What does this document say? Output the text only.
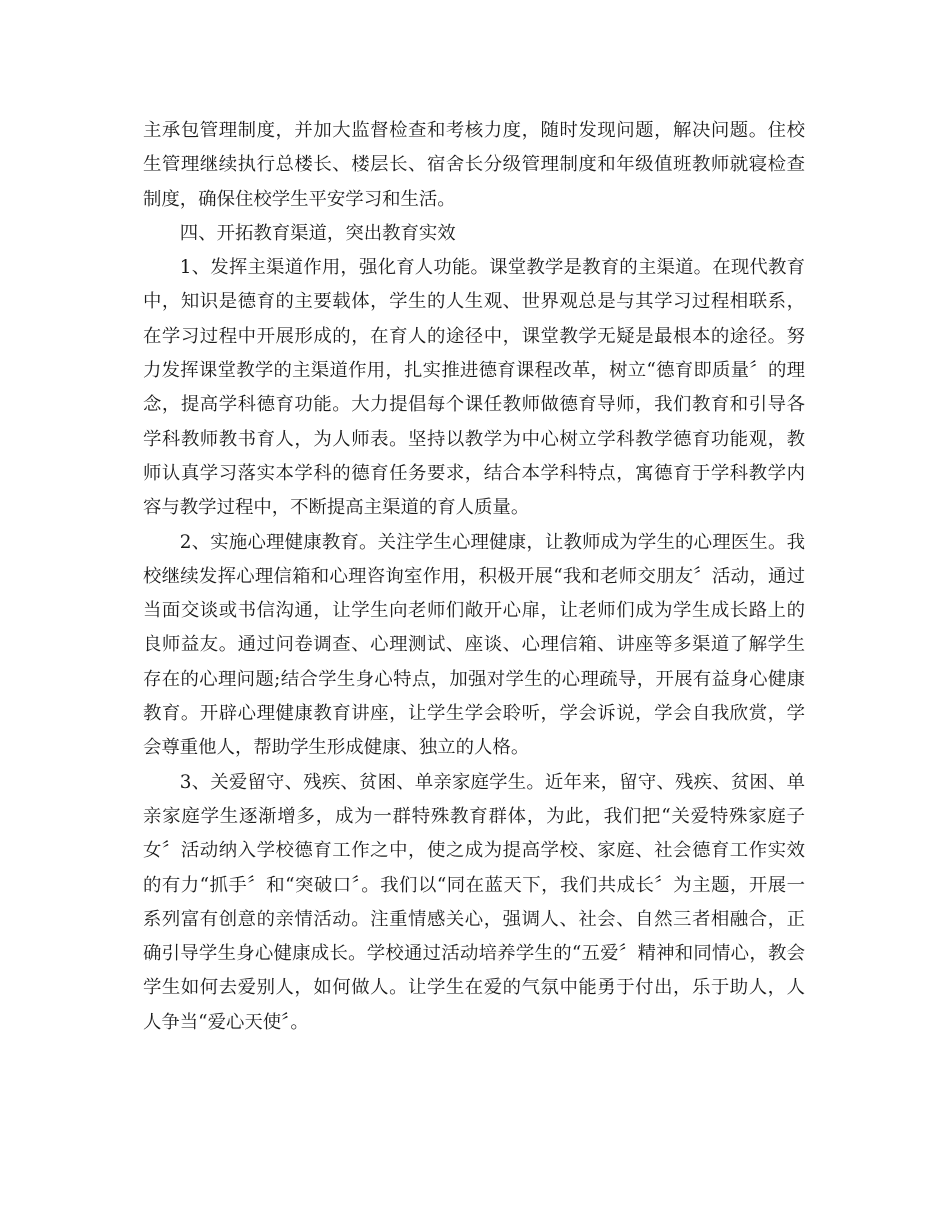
主承包管理制度，并加大监督检查和考核力度，随时发现问题，解决问题。住校生管理继续执行总楼长、楼层长、宿舍长分级管理制度和年级值班教师就寝检查制度，确保住校学生平安学习和生活。

四、开拓教育渠道，突出教育实效

1、发挥主渠道作用，强化育人功能。课堂教学是教育的主渠道。在现代教育中，知识是德育的主要载体，学生的人生观、世界观总是与其学习过程相联系，在学习过程中开展形成的，在育人的途径中，课堂教学无疑是最根本的途径。努力发挥课堂教学的主渠道作用，扎实推进德育课程改革，树立“德育即质量〞的理念，提高学科德育功能。大力提倡每个课任教师做德育导师，我们教育和引导各学科教师教书育人，为人师表。坚持以教学为中心树立学科教学德育功能观，教师认真学习落实本学科的德育任务要求，结合本学科特点，寓德育于学科教学内容与教学过程中，不断提高主渠道的育人质量。

2、实施心理健康教育。关注学生心理健康，让教师成为学生的心理医生。我校继续发挥心理信箱和心理咨询室作用，积极开展“我和老师交朋友〞活动，通过当面交谈或书信沟通，让学生向老师们敞开心扉，让老师们成为学生成长路上的良师益友。通过问卷调查、心理测试、座谈、心理信箱、讲座等多渠道了解学生存在的心理问题;结合学生身心特点，加强对学生的心理疏导，开展有益身心健康教育。开辟心理健康教育讲座，让学生学会聆听，学会诉说，学会自我欣赏，学会尊重他人，帮助学生形成健康、独立的人格。

3、关爱留守、残疾、贫困、单亲家庭学生。近年来，留守、残疾、贫困、单亲家庭学生逐渐增多，成为一群特殊教育群体，为此，我们把“关爱特殊家庭子女〞活动纳入学校德育工作之中，使之成为提高学校、家庭、社会德育工作实效的有力“抓手〞和“突破口〞。我们以“同在蓝天下，我们共成长〞为主题，开展一系列富有创意的亲情活动。注重情感关心，强调人、社会、自然三者相融合，正确引导学生身心健康成长。学校通过活动培养学生的“五爱〞精神和同情心，教会学生如何去爱别人，如何做人。让学生在爱的气氛中能勇于付出，乐于助人，人人争当“爱心天使〞。
